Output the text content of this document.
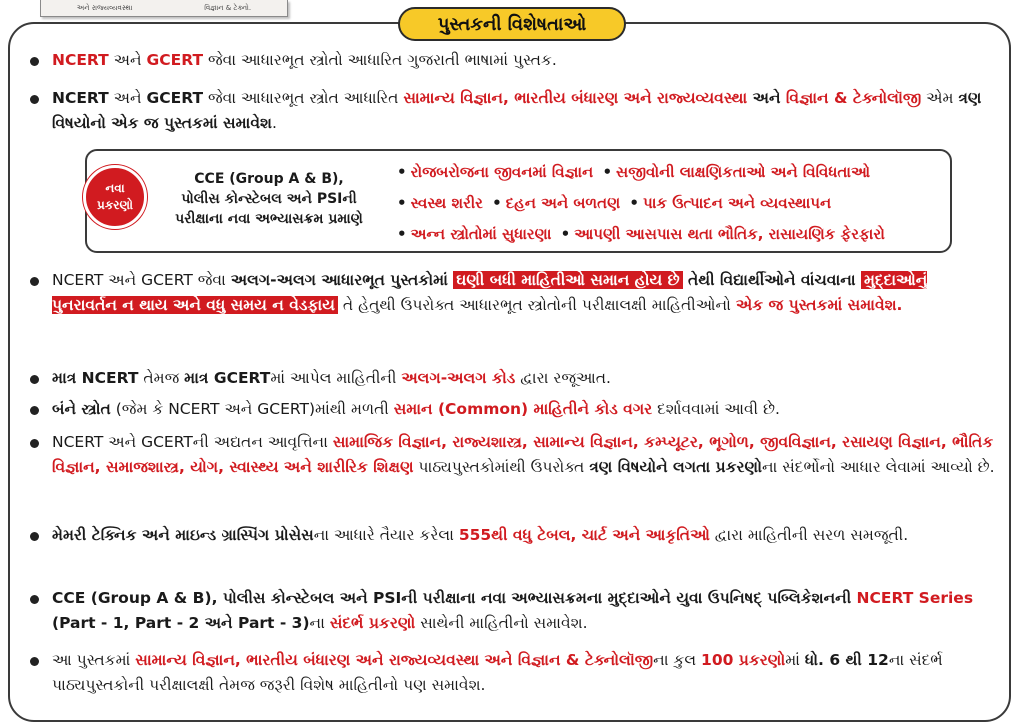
અને રાજ્યવ્યવસ્થા	વિજ્ઞાન & ટેક્નો.
પુસ્તકની વિશેષતાઓ
NCERT અને GCERT જેવા આધારભૂત સ્ત્રોતો આધારિત ગુજરાતી ભાષામાં પુસ્તક.
NCERT અને GCERT જેવા આધારભૂત સ્ત્રોત આધારિત સામાન્ય વિજ્ઞાન, ભારતીય બંધારણ અને રાજ્યવ્યવસ્થા અને વિજ્ઞાન & ટેક્નોલૉજી એમ ત્રણ વિષયોનો એક જ પુસ્તકમાં સમાવેશ.
નવા
પ્રકરણો
CCE (Group A & B),
પોલીસ કોન્સ્ટેબલ અને PSIની
પરીક્ષાના નવા અભ્યાસક્રમ પ્રમાણે
• રોજબરોજના જીવનમાં વિજ્ઞાન • સજીવોની લાક્ષણિકતાઓ અને વિવિધતાઓ
• સ્વસ્થ શરીર • દહન અને બળતણ • પાક ઉત્પાદન અને વ્યવસ્થાપન
• અન્ન સ્ત્રોતોમાં સુધારણા • આપણી આસપાસ થતા ભૌતિક, રાસાયણિક ફેરફારો
NCERT અને GCERT જેવા અલગ-અલગ આધારભૂત પુસ્તકોમાં ઘણી બધી માહિતીઓ સમાન હોય છે તેથી વિદ્યાર્થીઓને વાંચવાના મુદ્દાઓનું પુનરાવર્તન ન થાય અને વધુ સમય ન વેડફાય તે હેતુથી ઉપરોક્ત આધારભૂત સ્ત્રોતોની પરીક્ષાલક્ષી માહિતીઓનો એક જ પુસ્તકમાં સમાવેશ.
માત્ર NCERT તેમજ માત્ર GCERTમાં આપેલ માહિતીની અલગ-અલગ કોડ દ્વારા રજૂઆત.
બંને સ્ત્રોત (જેમ કે NCERT અને GCERT)માંથી મળતી સમાન (Common) માહિતીને કોડ વગર દર્શાવવામાં આવી છે.
NCERT અને GCERTની અદ્યતન આવૃત્તિના સામાજિક વિજ્ઞાન, રાજ્યશાસ્ત્ર, સામાન્ય વિજ્ઞાન, કમ્પ્યૂટર, ભૂગોળ, જીવવિજ્ઞાન, રસાયણ વિજ્ઞાન, ભૌતિક વિજ્ઞાન, સમાજશાસ્ત્ર, યોગ, સ્વાસ્થ્ય અને શારીરિક શિક્ષણ પાઠ્યપુસ્તકોમાંથી ઉપરોક્ત ત્રણ વિષયોને લગતા પ્રકરણોના સંદર્ભોનો આધાર લેવામાં આવ્યો છે.
મેમરી ટેક્નિક અને માઇન્ડ ગ્રાસ્પિંગ પ્રોસેસના આધારે તૈયાર કરેલા 555થી વધુ ટેબલ, ચાર્ટ અને આકૃતિઓ દ્વારા માહિતીની સરળ સમજૂતી.
CCE (Group A & B), પોલીસ કોન્સ્ટેબલ અને PSIની પરીક્ષાના નવા અભ્યાસક્રમના મુદ્દાઓને યુવા ઉપનિષદ્ પબ્લિકેશનની NCERT Series (Part - 1, Part - 2 અને Part - 3)ના સંદર્ભ પ્રકરણો સાથેની માહિતીનો સમાવેશ.
આ પુસ્તકમાં સામાન્ય વિજ્ઞાન, ભારતીય બંધારણ અને રાજ્યવ્યવસ્થા અને વિજ્ઞાન & ટેક્નોલૉજીના કુલ 100 પ્રકરણોમાં ધો. 6 થી 12ના સંદર્ભ પાઠ્યપુસ્તકોની પરીક્ષાલક્ષી તેમજ જરૂરી વિશેષ માહિતીનો પણ સમાવેશ.
